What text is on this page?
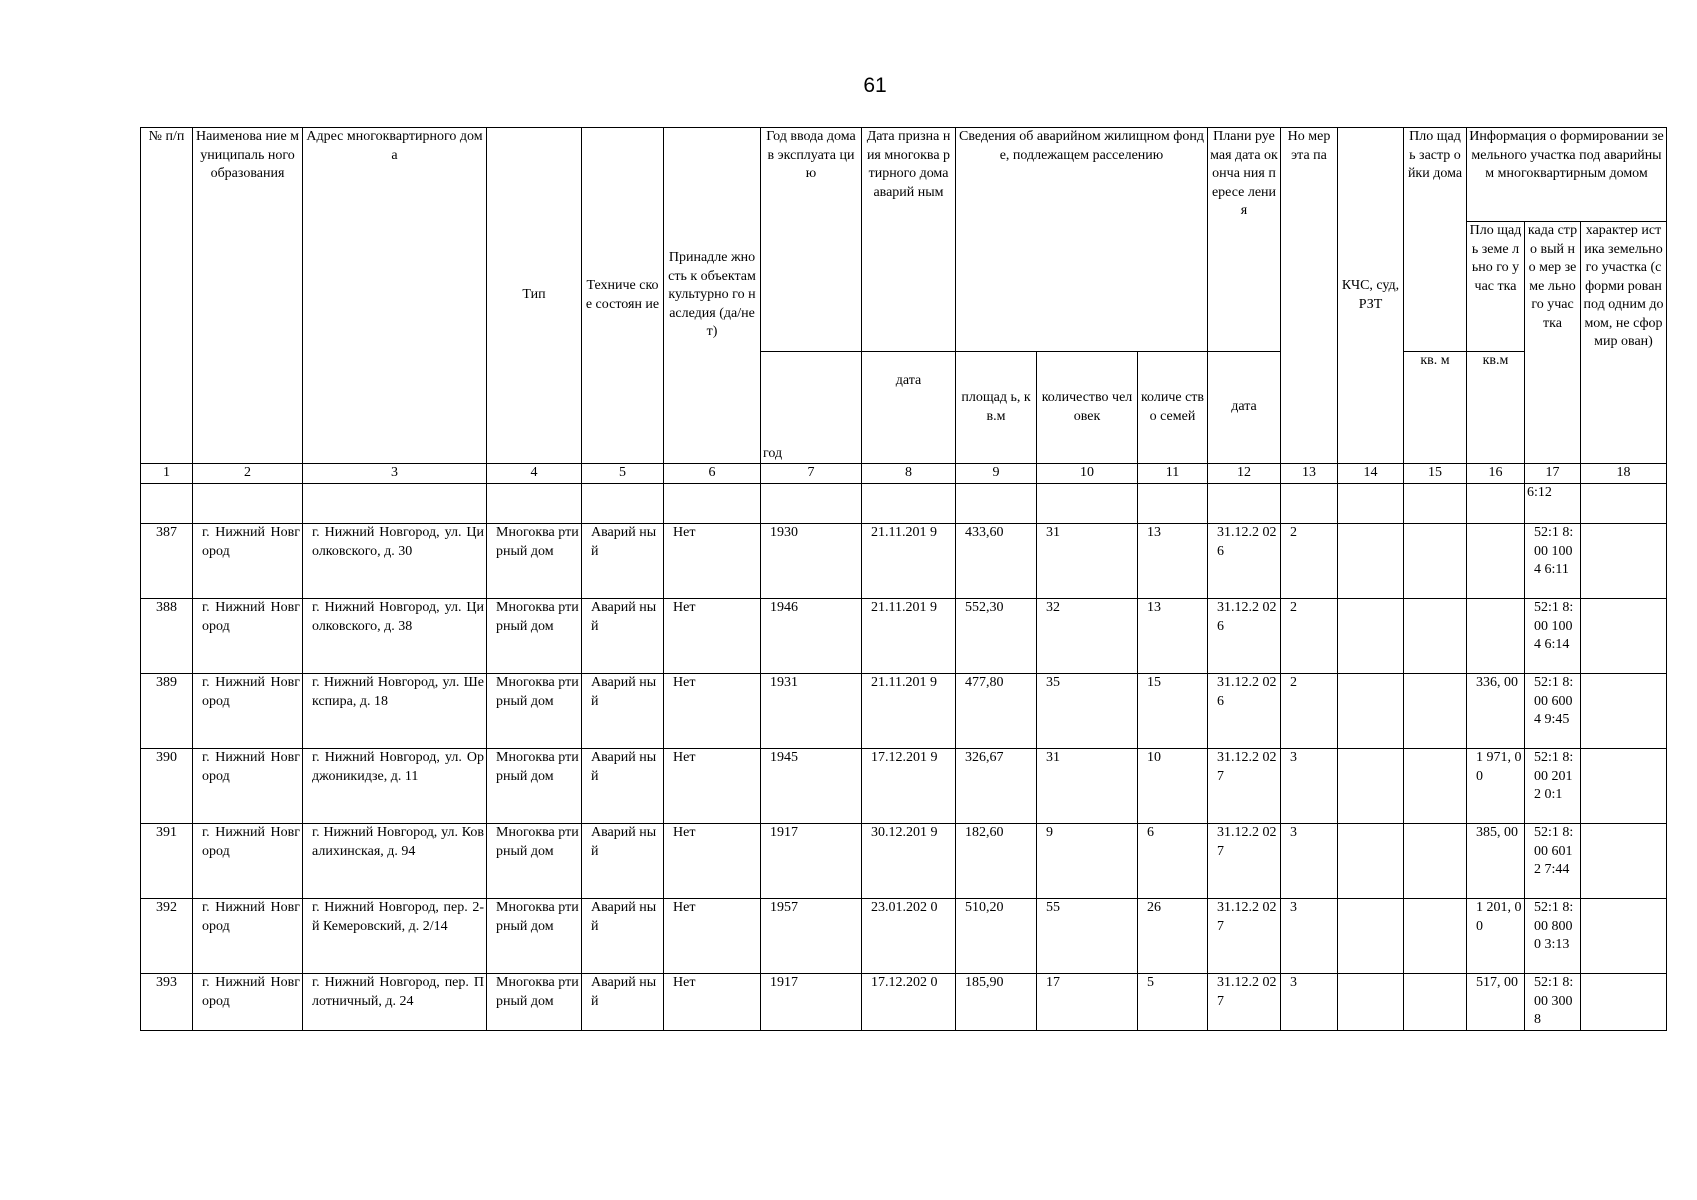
61
№ п/п	Наименова ние муниципаль ного образования	Адрес многоквартирного дома	Тип	Техниче ское состоян ие	Принадле жность к объектам культурно го наследия (да/нет)	Год ввода дома в эксплуата цию	Дата призна ния многоква ртирного дома аварий ным	Сведения об аварийном жилищном фонде, подлежащем расселению			Плани руемая дата оконча ния пересе ления	Но мер эта па	КЧС, суд, РЗТ	Пло щадь застр ойки дома	Информация о формировании земельного участка под аварийным многоквартирным домом		
															Пло щадь земе льно го учас тка	када стро вый но мер земе льно го учас тка	характер истика земельно го участка (сформи рован под одним домом, не сформир ован)
						год	дата	площад ь, кв.м	количество человек	количе ство семей	дата			кв. м	кв.м		
1	2	3	4	5	6	7	8	9	10	11	12	13	14	15	16	17	18
																6:12	
387	г. Нижний Новгород	г. Нижний Новгород, ул. Циолковского, д. 30	Многоква ртирный дом	Аварий ный	Нет	1930	21.11.201 9	433,60	31	13	31.12.2 026	2				52:1 8:00 1004 6:11	
388	г. Нижний Новгород	г. Нижний Новгород, ул. Циолковского, д. 38	Многоква ртирный дом	Аварий ный	Нет	1946	21.11.201 9	552,30	32	13	31.12.2 026	2				52:1 8:00 1004 6:14	
389	г. Нижний Новгород	г. Нижний Новгород, ул. Шекспира, д. 18	Многоква ртирный дом	Аварий ный	Нет	1931	21.11.201 9	477,80	35	15	31.12.2 026	2			336, 00	52:1 8:00 6004 9:45	
390	г. Нижний Новгород	г. Нижний Новгород, ул. Орджоникидзе, д. 11	Многоква ртирный дом	Аварий ный	Нет	1945	17.12.201 9	326,67	31	10	31.12.2 027	3			1 971, 00	52:1 8:00 2012 0:1	
391	г. Нижний Новгород	г. Нижний Новгород, ул. Ковалихинская, д. 94	Многоква ртирный дом	Аварий ный	Нет	1917	30.12.201 9	182,60	9	6	31.12.2 027	3			385, 00	52:1 8:00 6012 7:44	
392	г. Нижний Новгород	г. Нижний Новгород, пер. 2-й Кемеровский, д. 2/14	Многоква ртирный дом	Аварий ный	Нет	1957	23.01.202 0	510,20	55	26	31.12.2 027	3			1 201, 00	52:1 8:00 8000 3:13	
393	г. Нижний Новгород	г. Нижний Новгород, пер. Плотничный, д. 24	Многоква ртирный дом	Аварий ный	Нет	1917	17.12.202 0	185,90	17	5	31.12.2 027	3			517, 00	52:1 8:00 3008	
